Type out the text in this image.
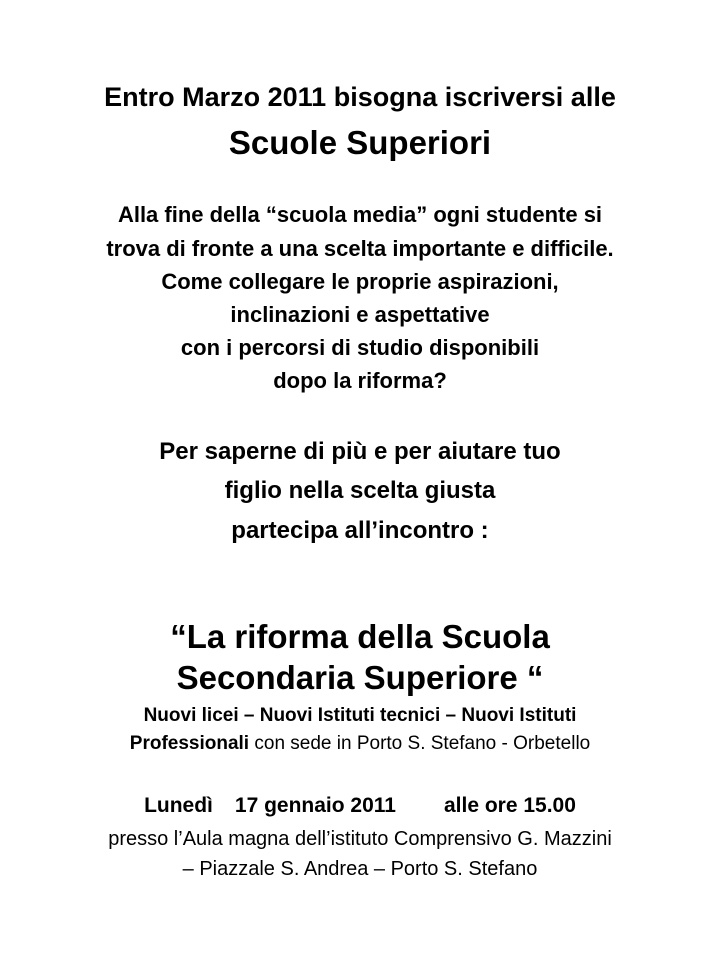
Entro Marzo 2011 bisogna iscriversi alle
Scuole Superiori
Alla fine della “scuola media” ogni studente si
trova di fronte a una scelta importante e difficile.
Come collegare le proprie aspirazioni,
inclinazioni e aspettative
con i percorsi di studio disponibili
dopo la riforma?
Per saperne di più e per aiutare tuo
figlio nella scelta giusta
partecipa all’incontro :
“La riforma della Scuola
Secondaria Superiore “
Nuovi licei – Nuovi Istituti tecnici – Nuovi Istituti
Professionali con sede in Porto S. Stefano - Orbetello
Lunedì 17 gennaio 2011 alle ore 15.00
presso l’Aula magna dell’istituto Comprensivo G. Mazzini
– Piazzale S. Andrea – Porto S. Stefano
